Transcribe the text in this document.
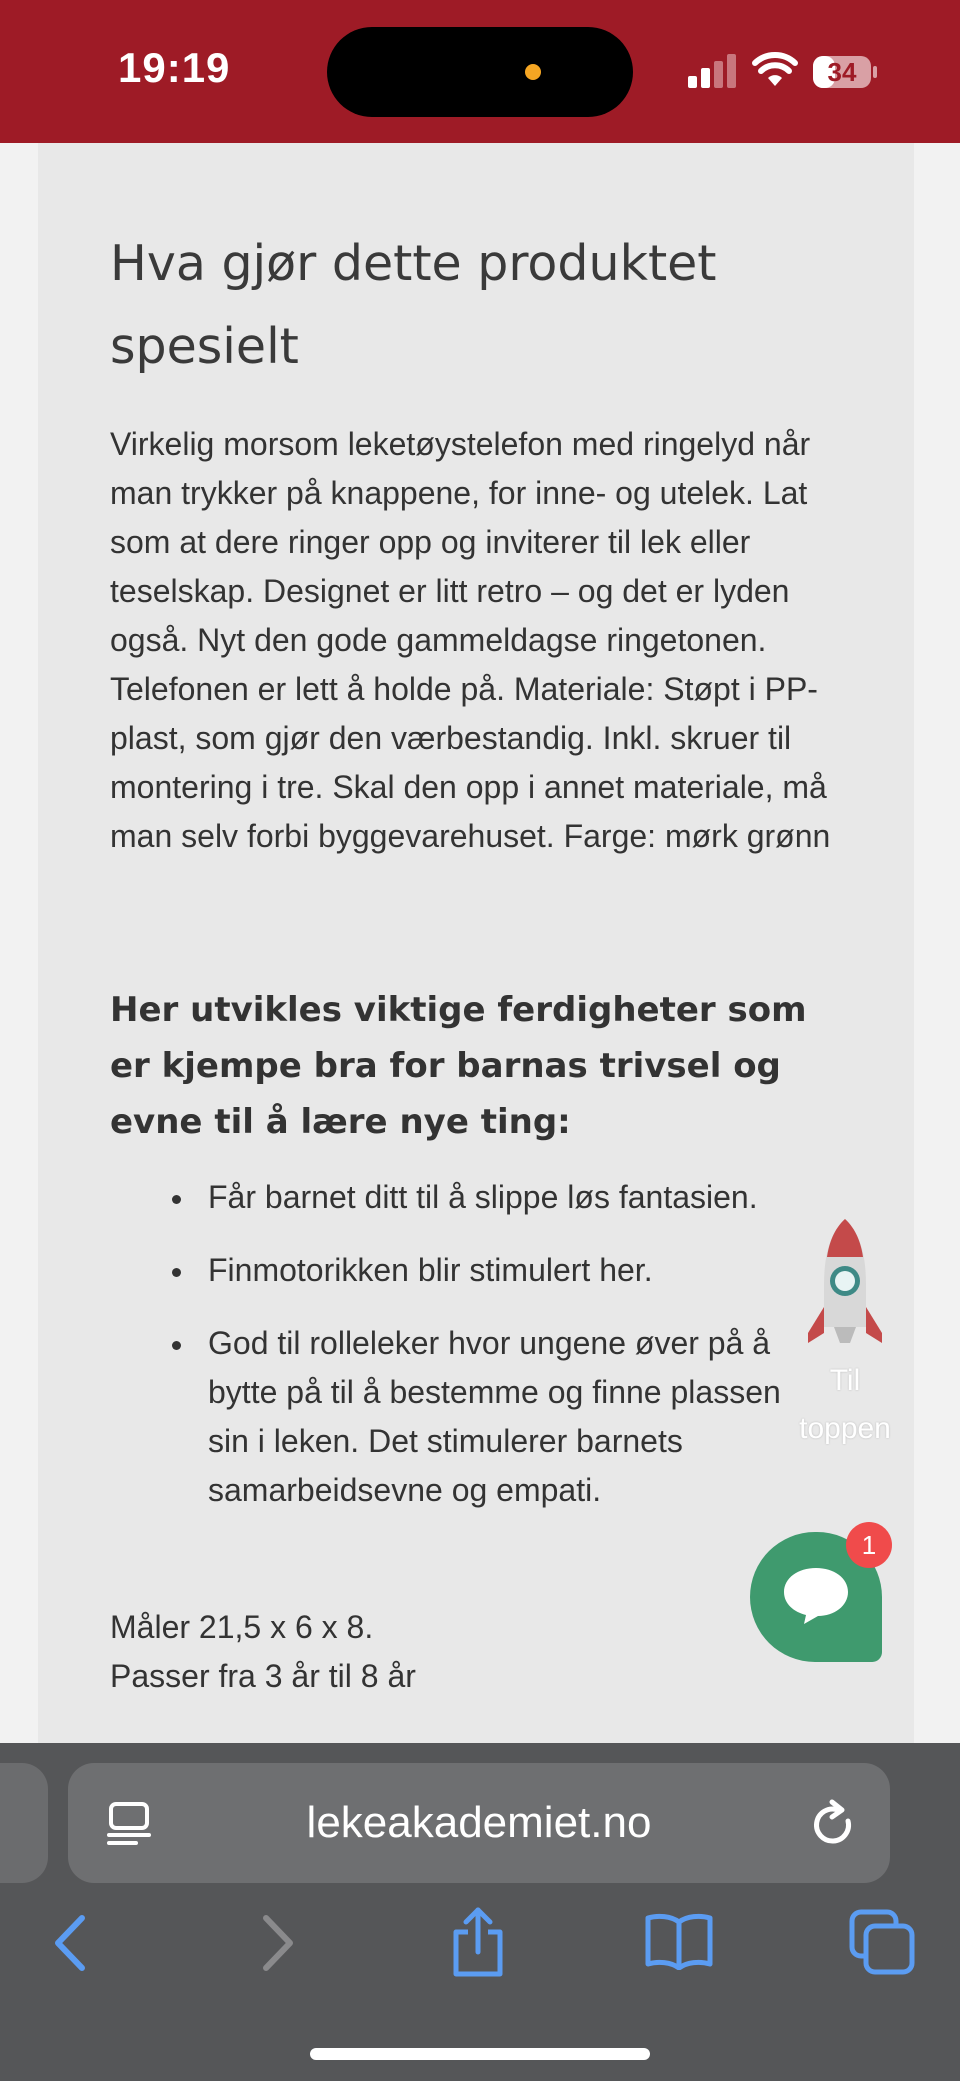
19:19	34
Hva gjør dette produktet spesielt

Virkelig morsom leketøystelefon med ringelyd når man trykker på knappene, for inne- og utelek. Lat som at dere ringer opp og inviterer til lek eller teselskap. Designet er litt retro – og det er lyden også. Nyt den gode gammeldagse ringetonen. Telefonen er lett å holde på. Materiale: Støpt i PP-plast, som gjør den værbestandig. Inkl. skruer til montering i tre. Skal den opp i annet materiale, må man selv forbi byggevarehuset. Farge: mørk grønn

Her utvikles viktige ferdigheter som er kjempe bra for barnas trivsel og evne til å lære nye ting:
Får barnet ditt til å slippe løs fantasien.
Finmotorikken blir stimulert her.
God til rolleleker hvor ungene øver på å bytte på til å bestemme og finne plassen sin i leken. Det stimulerer barnets samarbeidsevne og empati.
Måler 21,5 x 6 x 8.
Passer fra 3 år til 8 år
Til
toppen
1
lekeakademiet.no
